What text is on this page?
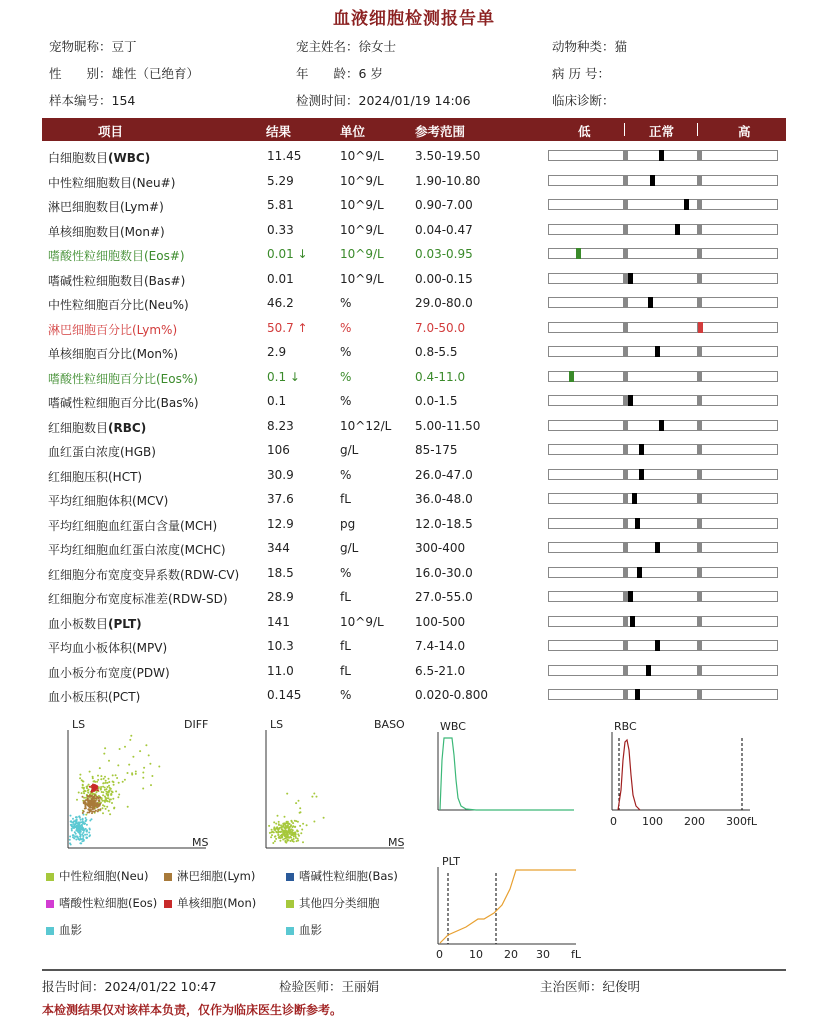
血液细胞检测报告单
宠物昵称：豆丁	宠主姓名：徐女士	动物种类：猫
性　　别：雄性（已绝育）	年　　龄：6 岁	病 历 号：
样本编号：154	检测时间：2024/01/19 14:06	临床诊断：
项目	结果	单位	参考范围	低	正常	高
白细胞数目(WBC)	11.45	10^9/L	3.50-19.50
中性粒细胞数目(Neu#)	5.29	10^9/L	1.90-10.80
淋巴细胞数目(Lym#)	5.81	10^9/L	0.90-7.00
单核细胞数目(Mon#)	0.33	10^9/L	0.04-0.47
嗜酸性粒细胞数目(Eos#)	0.01 ↓	10^9/L	0.03-0.95
嗜碱性粒细胞数目(Bas#)	0.01	10^9/L	0.00-0.15
中性粒细胞百分比(Neu%)	46.2	%	29.0-80.0
淋巴细胞百分比(Lym%)	50.7 ↑	%	7.0-50.0
单核细胞百分比(Mon%)	2.9	%	0.8-5.5
嗜酸性粒细胞百分比(Eos%)	0.1 ↓	%	0.4-11.0
嗜碱性粒细胞百分比(Bas%)	0.1	%	0.0-1.5
红细胞数目(RBC)	8.23	10^12/L 5.00-11.50
血红蛋白浓度(HGB)	106	g/L	85-175
红细胞压积(HCT)	30.9	%	26.0-47.0
平均红细胞体积(MCV)	37.6	fL	36.0-48.0
平均红细胞血红蛋白含量(MCH)	12.9	pg	12.0-18.5
平均红细胞血红蛋白浓度(MCHC)	344	g/L	300-400
红细胞分布宽度变异系数(RDW-CV) 18.5	%	16.0-30.0
红细胞分布宽度标准差(RDW-SD)	28.9	fL	27.0-55.0
血小板数目(PLT)	141	10^9/L	100-500
平均血小板体积(MPV)	10.3	fL	7.4-14.0
血小板分布宽度(PDW)	11.0	fL	6.5-21.0
血小板压积(PCT)	0.145	%	0.020-0.800
LS	DIFF
MS
LS	BASO
MS
WBC	RBC
0 100 200 300fL
中性粒细胞(Neu)	淋巴细胞(Lym)	嗜碱性粒细胞(Bas)
嗜酸性粒细胞(Eos)	单核细胞(Mon)	其他四分类细胞
血影	血影
PLT
0 10 20 30 fL
报告时间：2024/01/22 10:47	检验医师：王丽娟	主治医师：纪俊明
本检测结果仅对该样本负责，仅作为临床医生诊断参考。
